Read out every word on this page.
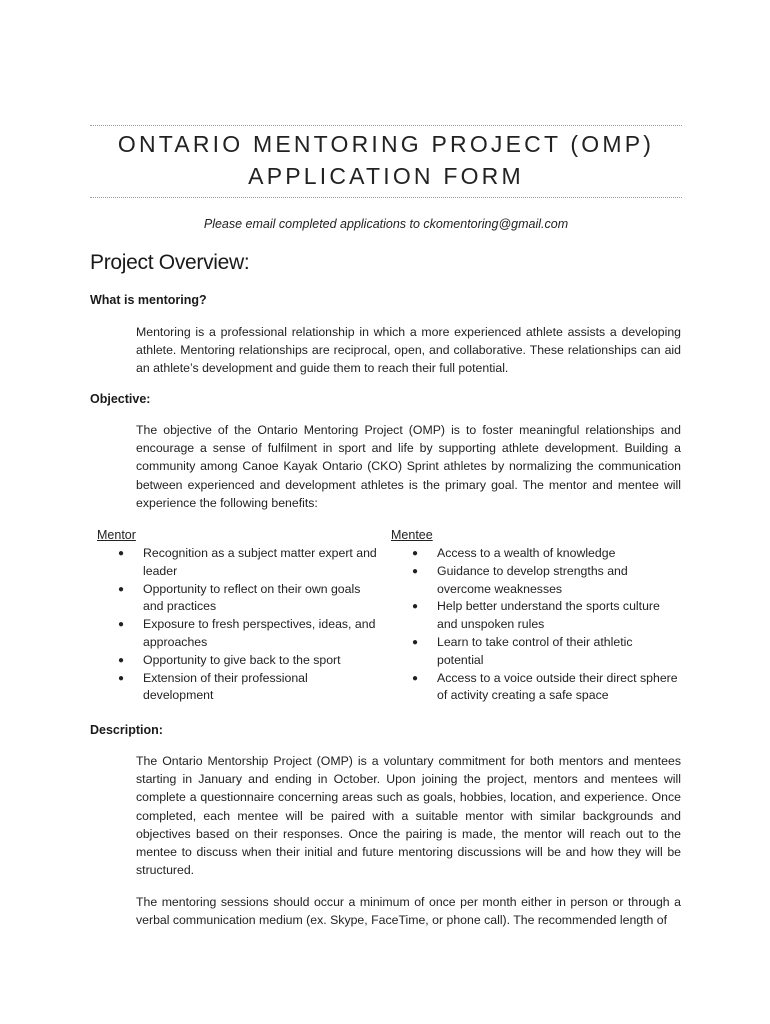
ONTARIO MENTORING PROJECT (OMP)
APPLICATION FORM
Please email completed applications to ckomentoring@gmail.com
Project Overview:
What is mentoring?
Mentoring is a professional relationship in which a more experienced athlete assists a developing athlete. Mentoring relationships are reciprocal, open, and collaborative. These relationships can aid an athlete’s development and guide them to reach their full potential.
Objective:
The objective of the Ontario Mentoring Project (OMP) is to foster meaningful relationships and encourage a sense of fulfilment in sport and life by supporting athlete development. Building a community among Canoe Kayak Ontario (CKO) Sprint athletes by normalizing the communication between experienced and development athletes is the primary goal. The mentor and mentee will experience the following benefits:
Mentor
● Recognition as a subject matter expert and leader
● Opportunity to reflect on their own goals and practices
● Exposure to fresh perspectives, ideas, and approaches
● Opportunity to give back to the sport
● Extension of their professional development
Mentee
● Access to a wealth of knowledge
● Guidance to develop strengths and overcome weaknesses
● Help better understand the sports culture and unspoken rules
● Learn to take control of their athletic potential
● Access to a voice outside their direct sphere of activity creating a safe space
Description:
The Ontario Mentorship Project (OMP) is a voluntary commitment for both mentors and mentees starting in January and ending in October. Upon joining the project, mentors and mentees will complete a questionnaire concerning areas such as goals, hobbies, location, and experience. Once completed, each mentee will be paired with a suitable mentor with similar backgrounds and objectives based on their responses. Once the pairing is made, the mentor will reach out to the mentee to discuss when their initial and future mentoring discussions will be and how they will be structured.
The mentoring sessions should occur a minimum of once per month either in person or through a verbal communication medium (ex. Skype, FaceTime, or phone call). The recommended length of
